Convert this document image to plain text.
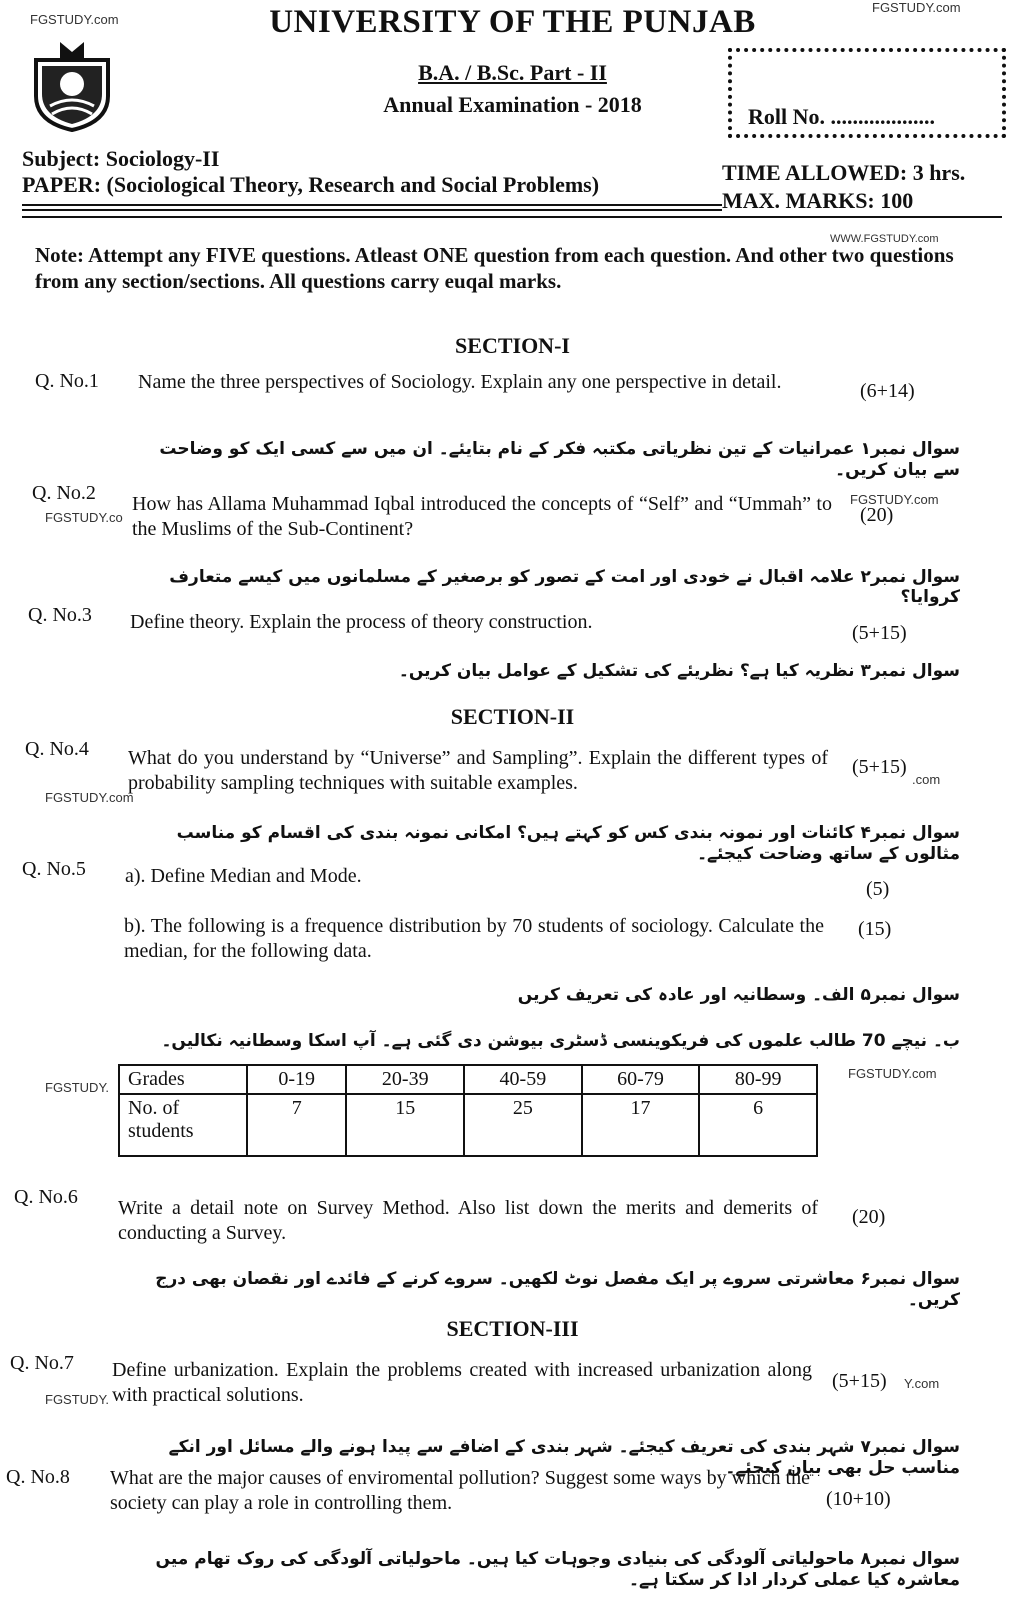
FGSTUDY.com
FGSTUDY.com
UNIVERSITY OF THE PUNJAB
B.A. / B.Sc. Part - II
Annual Examination - 2018	Roll No. ...................
Subject: Sociology-II
PAPER: (Sociological Theory, Research and Social Problems)	TIME ALLOWED: 3 hrs.
MAX. MARKS: 100
WWW.FGSTUDY.com
Note: Attempt any FIVE questions. Atleast ONE question from each question. And other two questions from any section/sections. All questions carry euqal marks.
SECTION-I
Q. No.1 Name the three perspectives of Sociology. Explain any one perspective in detail.	(6+14)
سوال نمبر۱ عمرانیات کے تین نظریاتی مکتبہ فکر کے نام بتایئے۔ ان میں سے کسی ایک کو وضاحت سے بیان کریں۔
Q. No.2 How has Allama Muhammad Iqbal introduced the concepts of “Self” and “Ummah” to the Muslims of the Sub-Continent?
(20)
FGSTUDY.co
FGSTUDY.com
سوال نمبر۲ علامہ اقبال نے خودی اور امت کے تصور کو برصغیر کے مسلمانوں میں کیسے متعارف کروایا؟
Q. No.3 Define theory. Explain the process of theory construction.	(5+15)
سوال نمبر۳ نظریہ کیا ہے؟ نظریئے کی تشکیل کے عوامل بیان کریں۔
SECTION-II
Q. No.4 What do you understand by “Universe” and Sampling”. Explain the different types of probability sampling techniques with suitable examples.
(5+15)
FGSTUDY.com
.com
سوال نمبر۴ کائنات اور نمونہ بندی کس کو کہتے ہیں؟ امکانی نمونہ بندی کی اقسام کو مناسب مثالوں کے ساتھ وضاحت کیجئے۔
Q. No.5 a). Define Median and Mode.
(5)
b). The following is a frequence distribution by 70 students of sociology. Calculate the median, for the following data.
(15)
سوال نمبر۵ الف۔ وسطانیہ اور عادہ کی تعریف کریں
ب۔ نیچے 70 طالب علموں کی فریکوینسی ڈسٹری بیوشن دی گئی ہے۔ آپ اسکا وسطانیہ نکالیں۔
FGSTUDY.
FGSTUDY.com
Grades	0-19	20-39	40-59	60-79	80-99
No. of students	7	15	25	17	6
Q. No.6 Write a detail note on Survey Method. Also list down the merits and demerits of conducting a Survey.
(20)
سوال نمبر۶ معاشرتی سروے پر ایک مفصل نوٹ لکھیں۔ سروے کرنے کے فائدے اور نقصان بھی درج کریں۔
SECTION-III
Q. No.7 Define urbanization. Explain the problems created with increased urbanization along with practical solutions.
(5+15)
FGSTUDY.
Y.com
سوال نمبر۷ شہر بندی کی تعریف کیجئے۔ شہر بندی کے اضافے سے پیدا ہونے والے مسائل اور انکے مناسب حل بھی بیان کیجئے۔
Q. No.8 What are the major causes of enviromental pollution? Suggest some ways by which the society can play a role in controlling them.	(10+10)
سوال نمبر۸ ماحولیاتی آلودگی کی بنیادی وجوہات کیا ہیں۔ ماحولیاتی آلودگی کی روک تھام میں معاشرہ کیا عملی کردار ادا کر سکتا ہے۔
